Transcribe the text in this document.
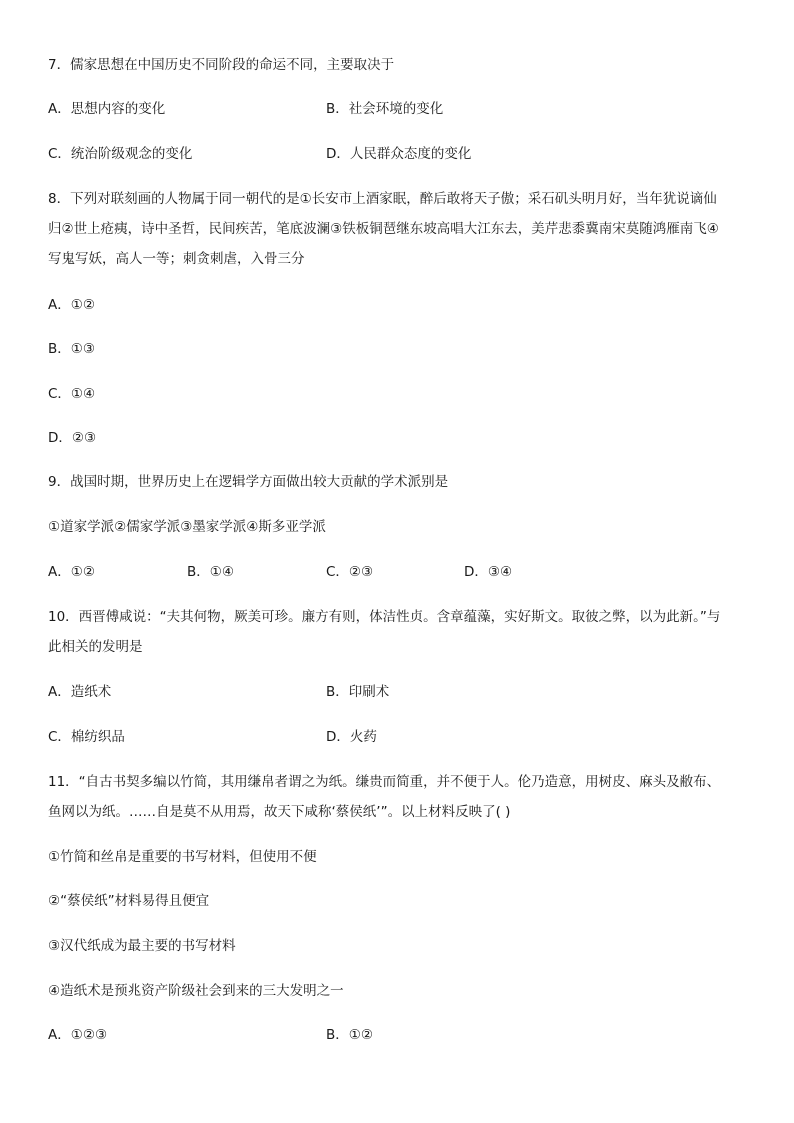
7．儒家思想在中国历史不同阶段的命运不同，主要取决于
A．思想内容的变化	B．社会环境的变化
C．统治阶级观念的变化	D．人民群众态度的变化
8．下列对联刻画的人物属于同一朝代的是①长安市上酒家眠，醉后敢将天子傲；采石矶头明月好，当年犹说谪仙
归②世上疮痍，诗中圣哲，民间疾苦，笔底波澜③铁板铜琶继东坡高唱大江东去，美芹悲黍冀南宋莫随鸿雁南飞④
写鬼写妖，高人一等；刺贪刺虐，入骨三分
A．①②
B．①③
C．①④
D．②③
9．战国时期，世界历史上在逻辑学方面做出较大贡献的学术派别是
①道家学派②儒家学派③墨家学派④斯多亚学派
A．①②	B．①④	C．②③	D．③④
10．西晋傅咸说：“夫其何物，厥美可珍。廉方有则，体洁性贞。含章蕴藻，实好斯文。取彼之弊，以为此新。”与
此相关的发明是
A．造纸术	B．印刷术
C．棉纺织品	D．火药
11．“自古书契多编以竹简，其用缣帛者谓之为纸。缣贵而简重，并不便于人。伦乃造意，用树皮、麻头及敝布、
鱼网以为纸。……自是莫不从用焉，故天下咸称‘蔡侯纸’”。以上材料反映了( )
①竹简和丝帛是重要的书写材料，但使用不便
②“蔡侯纸”材料易得且便宜
③汉代纸成为最主要的书写材料
④造纸术是预兆资产阶级社会到来的三大发明之一
A．①②③	B．①②
